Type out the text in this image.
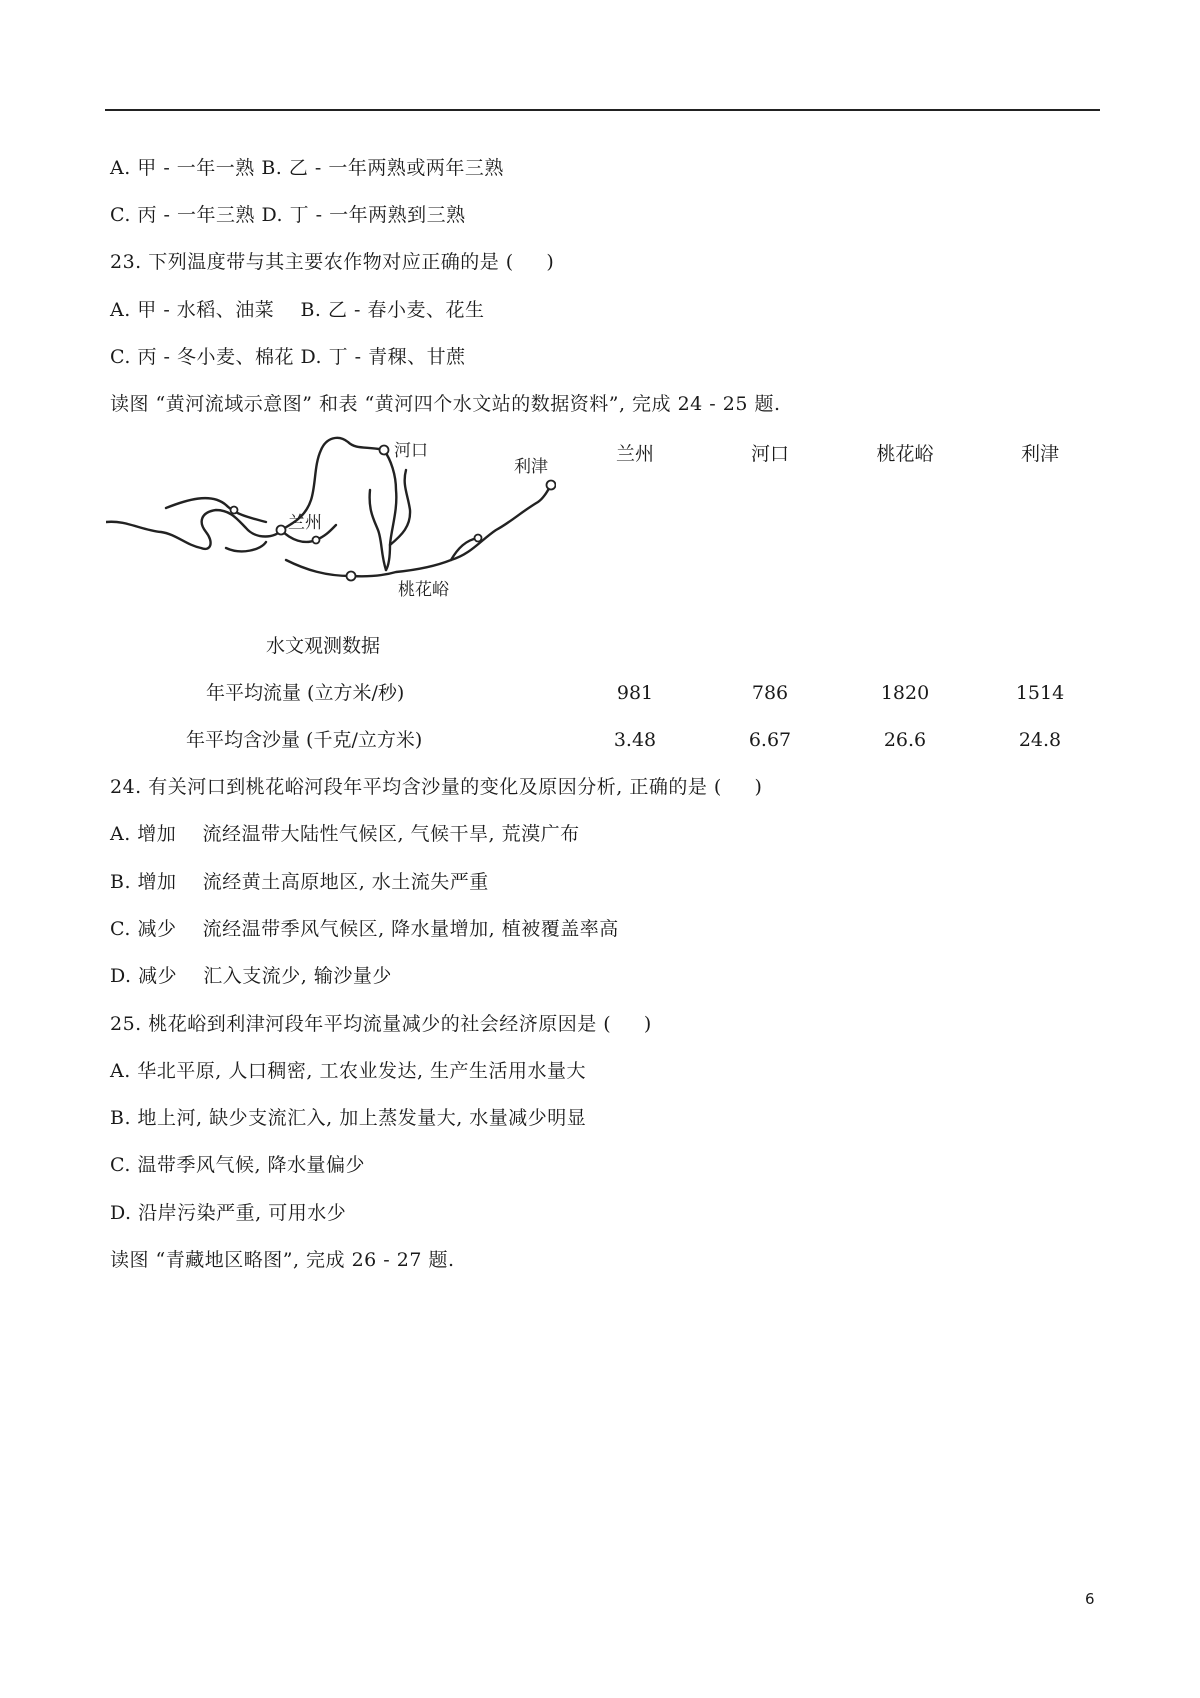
A. 甲 - 一年一熟 B. 乙 - 一年两熟或两年三熟
C. 丙 - 一年三熟 D. 丁 - 一年两熟到三熟
23. 下列温度带与其主要农作物对应正确的是 (     )
A. 甲 - 水稻、油菜    B. 乙 - 春小麦、花生
C. 丙 - 冬小麦、棉花 D. 丁 - 青稞、甘蔗
读图 “黄河流域示意图” 和表 “黄河四个水文站的数据资料”, 完成 24 - 25 题.
河口
利津
兰州
桃花峪
兰州	河口	桃花峪	利津
水文观测数据
年平均流量 (立方米/秒)	981	786	1820	1514
年平均含沙量 (千克/立方米)	3.48	6.67	26.6	24.8
24. 有关河口到桃花峪河段年平均含沙量的变化及原因分析, 正确的是 (     )
A. 增加    流经温带大陆性气候区, 气候干旱, 荒漠广布
B. 增加    流经黄土高原地区, 水土流失严重
C. 减少    流经温带季风气候区, 降水量增加, 植被覆盖率高
D. 减少    汇入支流少, 输沙量少
25. 桃花峪到利津河段年平均流量减少的社会经济原因是 (     )
A. 华北平原, 人口稠密, 工农业发达, 生产生活用水量大
B. 地上河, 缺少支流汇入, 加上蒸发量大, 水量减少明显
C. 温带季风气候, 降水量偏少
D. 沿岸污染严重, 可用水少
读图 “青藏地区略图”, 完成 26 - 27 题.
6
